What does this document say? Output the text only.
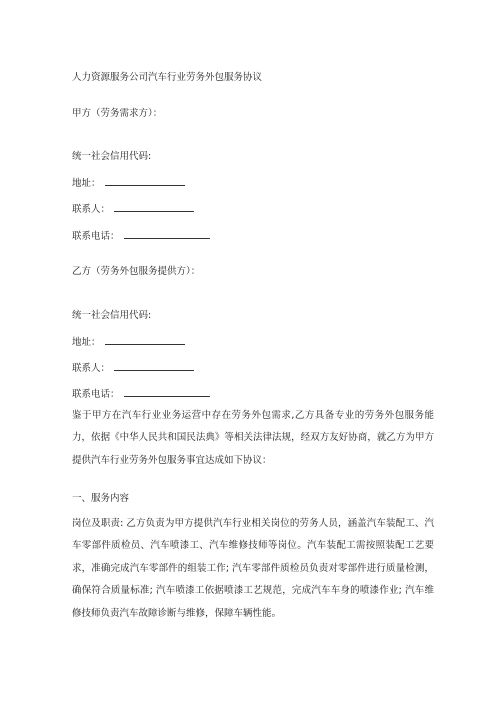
人力资源服务公司汽车行业劳务外包服务协议
甲方（劳务需求方）：
统一社会信用代码:
地址：
联系人：
联系电话：
乙方（劳务外包服务提供方）：
统一社会信用代码:
地址：
联系人：
联系电话：
鉴于甲方在汽车行业业务运营中存在劳务外包需求,乙方具备专业的劳务外包服务能力，依据《中华人民共和国民法典》等相关法律法规，经双方友好协商，就乙方为甲方提供汽车行业劳务外包服务事宜达成如下协议：
一、服务内容
岗位及职责: 乙方负责为甲方提供汽车行业相关岗位的劳务人员，涵盖汽车装配工、汽车零部件质检员、汽车喷漆工、汽车维修技师等岗位。汽车装配工需按照装配工艺要求，准确完成汽车零部件的组装工作; 汽车零部件质检员负责对零部件进行质量检测，确保符合质量标准; 汽车喷漆工依据喷漆工艺规范，完成汽车车身的喷漆作业; 汽车维修技师负责汽车故障诊断与维修，保障车辆性能。
